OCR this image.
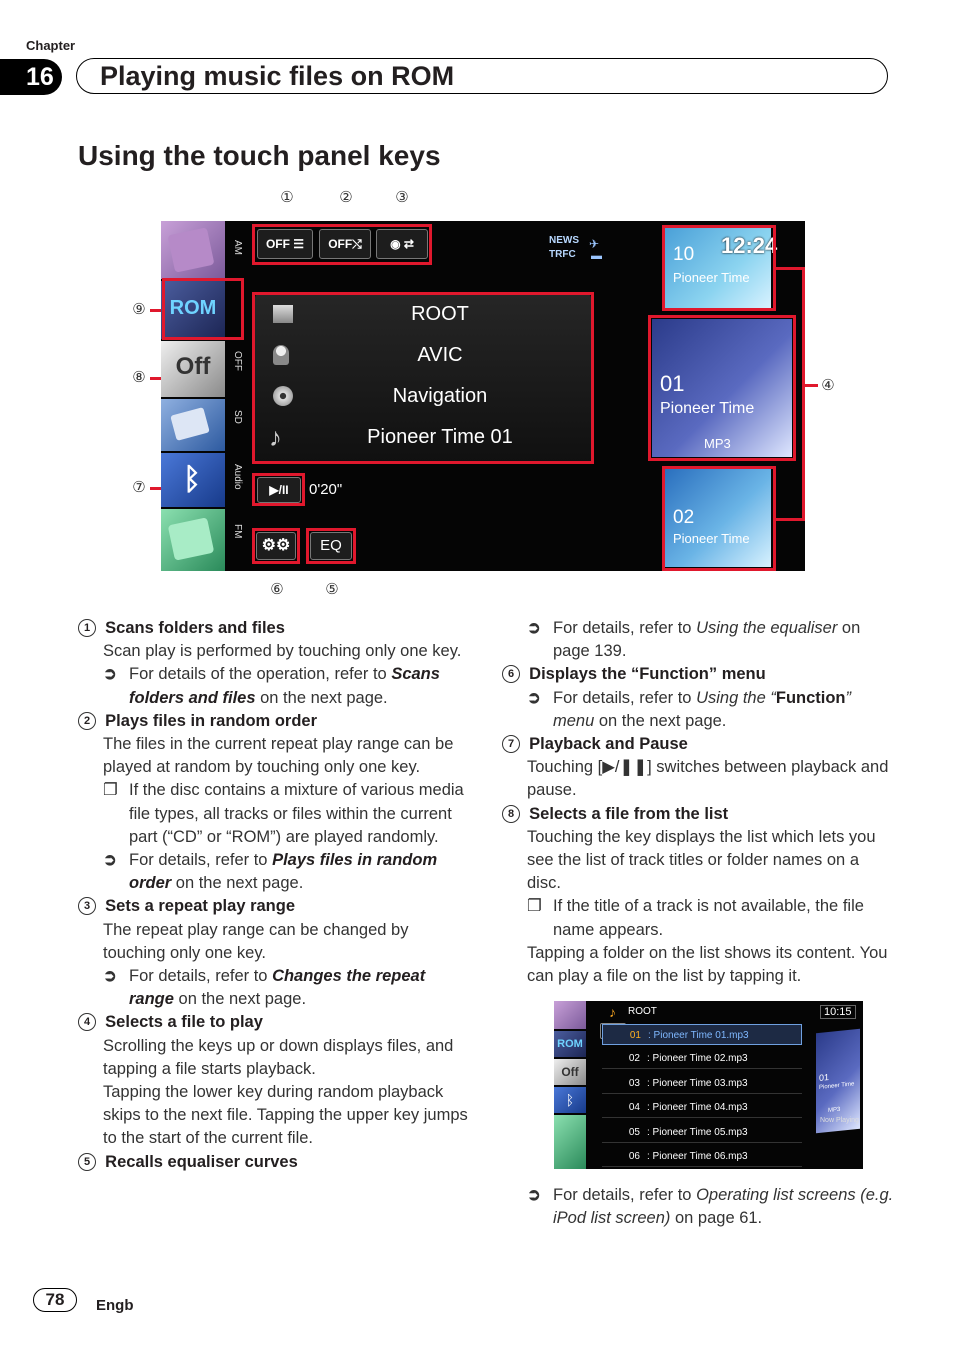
Chapter
16	Playing music files on ROM
Using the touch panel keys
①	②	③
④
⑤
⑥
⑦
⑧
⑨	ROM
Off
ᛒ
AM
OFF
SD
Audio
FM
OFF ☰	OFF⤭	◉ ⇄	NEWS
TRFC
✈
▬
ROOT
AVIC
Navigation
♪	Pioneer Time 01
▶/II	0'20"
⚙⚙	EQ
10
Pioneer Time
12:24
01
Pioneer Time
MP3
02
Pioneer Time
1 Scans folders and files
Scan play is performed by touching only one key.
➲ For details of the operation, refer to Scans folders and files on the next page.
2 Plays files in random order
The files in the current repeat play range can be played at random by touching only one key.
❐ If the disc contains a mixture of various media file types, all tracks or files within the current part (“CD” or “ROM”) are played randomly.
➲ For details, refer to Plays files in random order on the next page.
3 Sets a repeat play range
The repeat play range can be changed by touching only one key.
➲ For details, refer to Changes the repeat range on the next page.
4 Selects a file to play
Scrolling the keys up or down displays files, and tapping a file starts playback.
Tapping the lower key during random playback skips to the next file. Tapping the upper key jumps to the start of the current file.
5 Recalls equaliser curves
➲ For details, refer to Using the equaliser on page 139.
6 Displays the “Function” menu
➲ For details, refer to Using the “Function” menu on the next page.
7 Playback and Pause
Touching [▶/❚❚] switches between playback and pause.
8 Selects a file from the list
Touching the key displays the list which lets you see the list of track titles or folder names on a disc.
❐ If the title of a track is not available, the file name appears.
Tapping a folder on the list shows its content. You can play a file on the list by tapping it.
ROM
Off
ᛒ
♪ ROOT	10:15
01 : Pioneer Time 01.mp3
02 : Pioneer Time 02.mp3
03 : Pioneer Time 03.mp3
04 : Pioneer Time 04.mp3
05 : Pioneer Time 05.mp3
06 : Pioneer Time 06.mp3
01
Pioneer Time
MP3
Now Playing
➲ For details, refer to Operating list screens (e.g. iPod list screen) on page 61.
78	Engb
